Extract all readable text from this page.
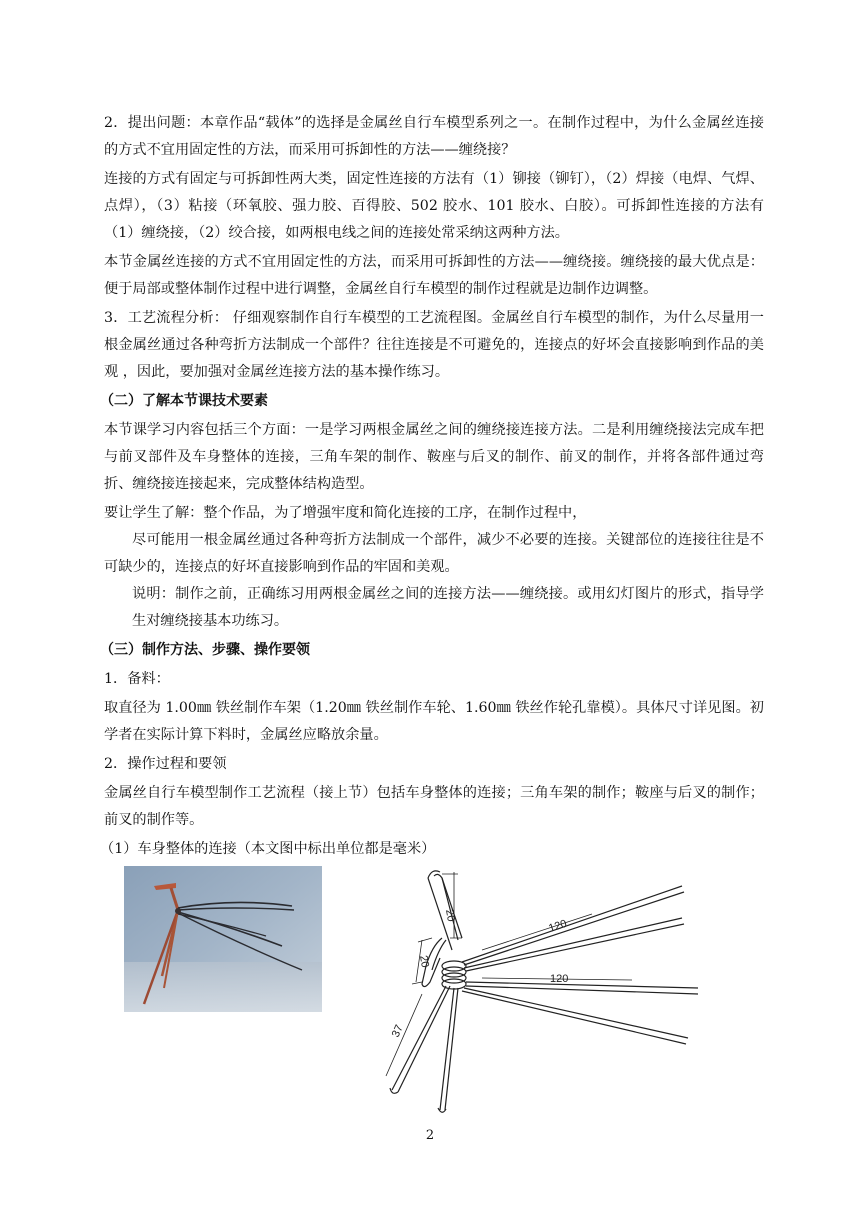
2．提出问题：本章作品“载体”的选择是金属丝自行车模型系列之一。在制作过程中，为什么金属丝连接的方式不宜用固定性的方法，而采用可拆卸性的方法——缠绕接？

连接的方式有固定与可拆卸性两大类，固定性连接的方法有（1）铆接（铆钉），（2）焊接（电焊、气焊、点焊），（3）粘接（环氧胶、强力胶、百得胶、502 胶水、101 胶水、白胶）。可拆卸性连接的方法有（1）缠绕接，（2）绞合接，如两根电线之间的连接处常采纳这两种方法。

本节金属丝连接的方式不宜用固定性的方法，而采用可拆卸性的方法——缠绕接。缠绕接的最大优点是：便于局部或整体制作过程中进行调整，金属丝自行车模型的制作过程就是边制作边调整。

3．工艺流程分析： 仔细观察制作自行车模型的工艺流程图。金属丝自行车模型的制作，为什么尽量用一根金属丝通过各种弯折方法制成一个部件？往往连接是不可避免的，连接点的好坏会直接影响到作品的美观 ，因此，要加强对金属丝连接方法的基本操作练习。

（二）了解本节课技术要素

本节课学习内容包括三个方面：一是学习两根金属丝之间的缠绕接连接方法。二是利用缠绕接法完成车把与前叉部件及车身整体的连接，三角车架的制作、鞍座与后叉的制作、前叉的制作，并将各部件通过弯折、缠绕接连接起来，完成整体结构造型。

要让学生了解：整个作品，为了增强牢度和简化连接的工序，在制作过程中，

尽可能用一根金属丝通过各种弯折方法制成一个部件，减少不必要的连接。关键部位的连接往往是不可缺少的，连接点的好坏直接影响到作品的牢固和美观。

说明：制作之前，正确练习用两根金属丝之间的连接方法——缠绕接。或用幻灯图片的形式，指导学生对缠绕接基本功练习。

（三）制作方法、步骤、操作要领

1．备料：

取直径为 1.00㎜ 铁丝制作车架（1.20㎜ 铁丝制作车轮、1.60㎜ 铁丝作轮孔靠模）。具体尺寸详见图。初学者在实际计算下料时，金属丝应略放余量。

2．操作过程和要领

金属丝自行车模型制作工艺流程（接上节）包括车身整体的连接；三角车架的制作；鞍座与后叉的制作；前叉的制作等。

（1）车身整体的连接（本文图中标出单位都是毫米）

20
20
120
120
37
2
